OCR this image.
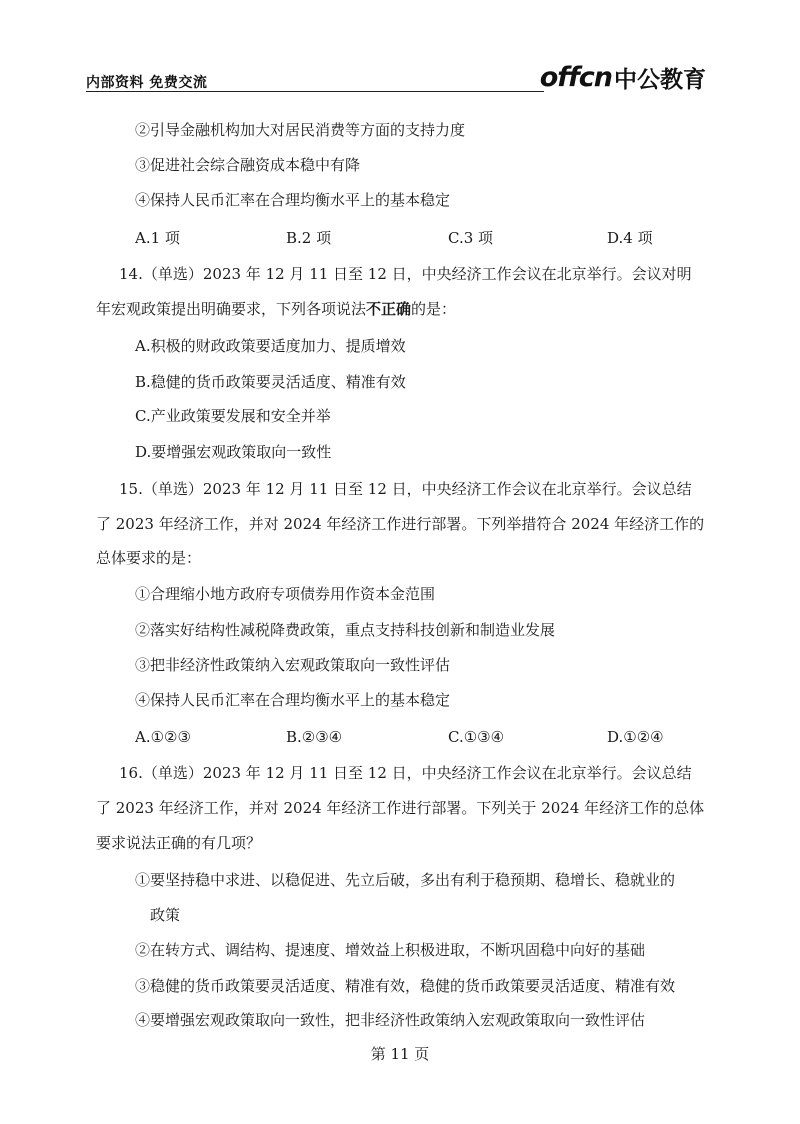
内部资料 免费交流	offcn 中公教育
②引导金融机构加大对居民消费等方面的支持力度
③促进社会综合融资成本稳中有降
④保持人民币汇率在合理均衡水平上的基本稳定
A.1 项	B.2 项	C.3 项	D.4 项
14.（单选）2023 年 12 月 11 日至 12 日，中央经济工作会议在北京举行。会议对明
年宏观政策提出明确要求，下列各项说法不正确的是：
A.积极的财政政策要适度加力、提质增效
B.稳健的货币政策要灵活适度、精准有效
C.产业政策要发展和安全并举
D.要增强宏观政策取向一致性
15.（单选）2023 年 12 月 11 日至 12 日，中央经济工作会议在北京举行。会议总结
了 2023 年经济工作，并对 2024 年经济工作进行部署。下列举措符合 2024 年经济工作的
总体要求的是：
①合理缩小地方政府专项债券用作资本金范围
②落实好结构性减税降费政策，重点支持科技创新和制造业发展
③把非经济性政策纳入宏观政策取向一致性评估
④保持人民币汇率在合理均衡水平上的基本稳定
A.①②③	B.②③④	C.①③④	D.①②④
16.（单选）2023 年 12 月 11 日至 12 日，中央经济工作会议在北京举行。会议总结
了 2023 年经济工作，并对 2024 年经济工作进行部署。下列关于 2024 年经济工作的总体
要求说法正确的有几项？
①要坚持稳中求进、以稳促进、先立后破，多出有利于稳预期、稳增长、稳就业的
政策
②在转方式、调结构、提速度、增效益上积极进取，不断巩固稳中向好的基础
③稳健的货币政策要灵活适度、精准有效，稳健的货币政策要灵活适度、精准有效
④要增强宏观政策取向一致性，把非经济性政策纳入宏观政策取向一致性评估
第 11 页
